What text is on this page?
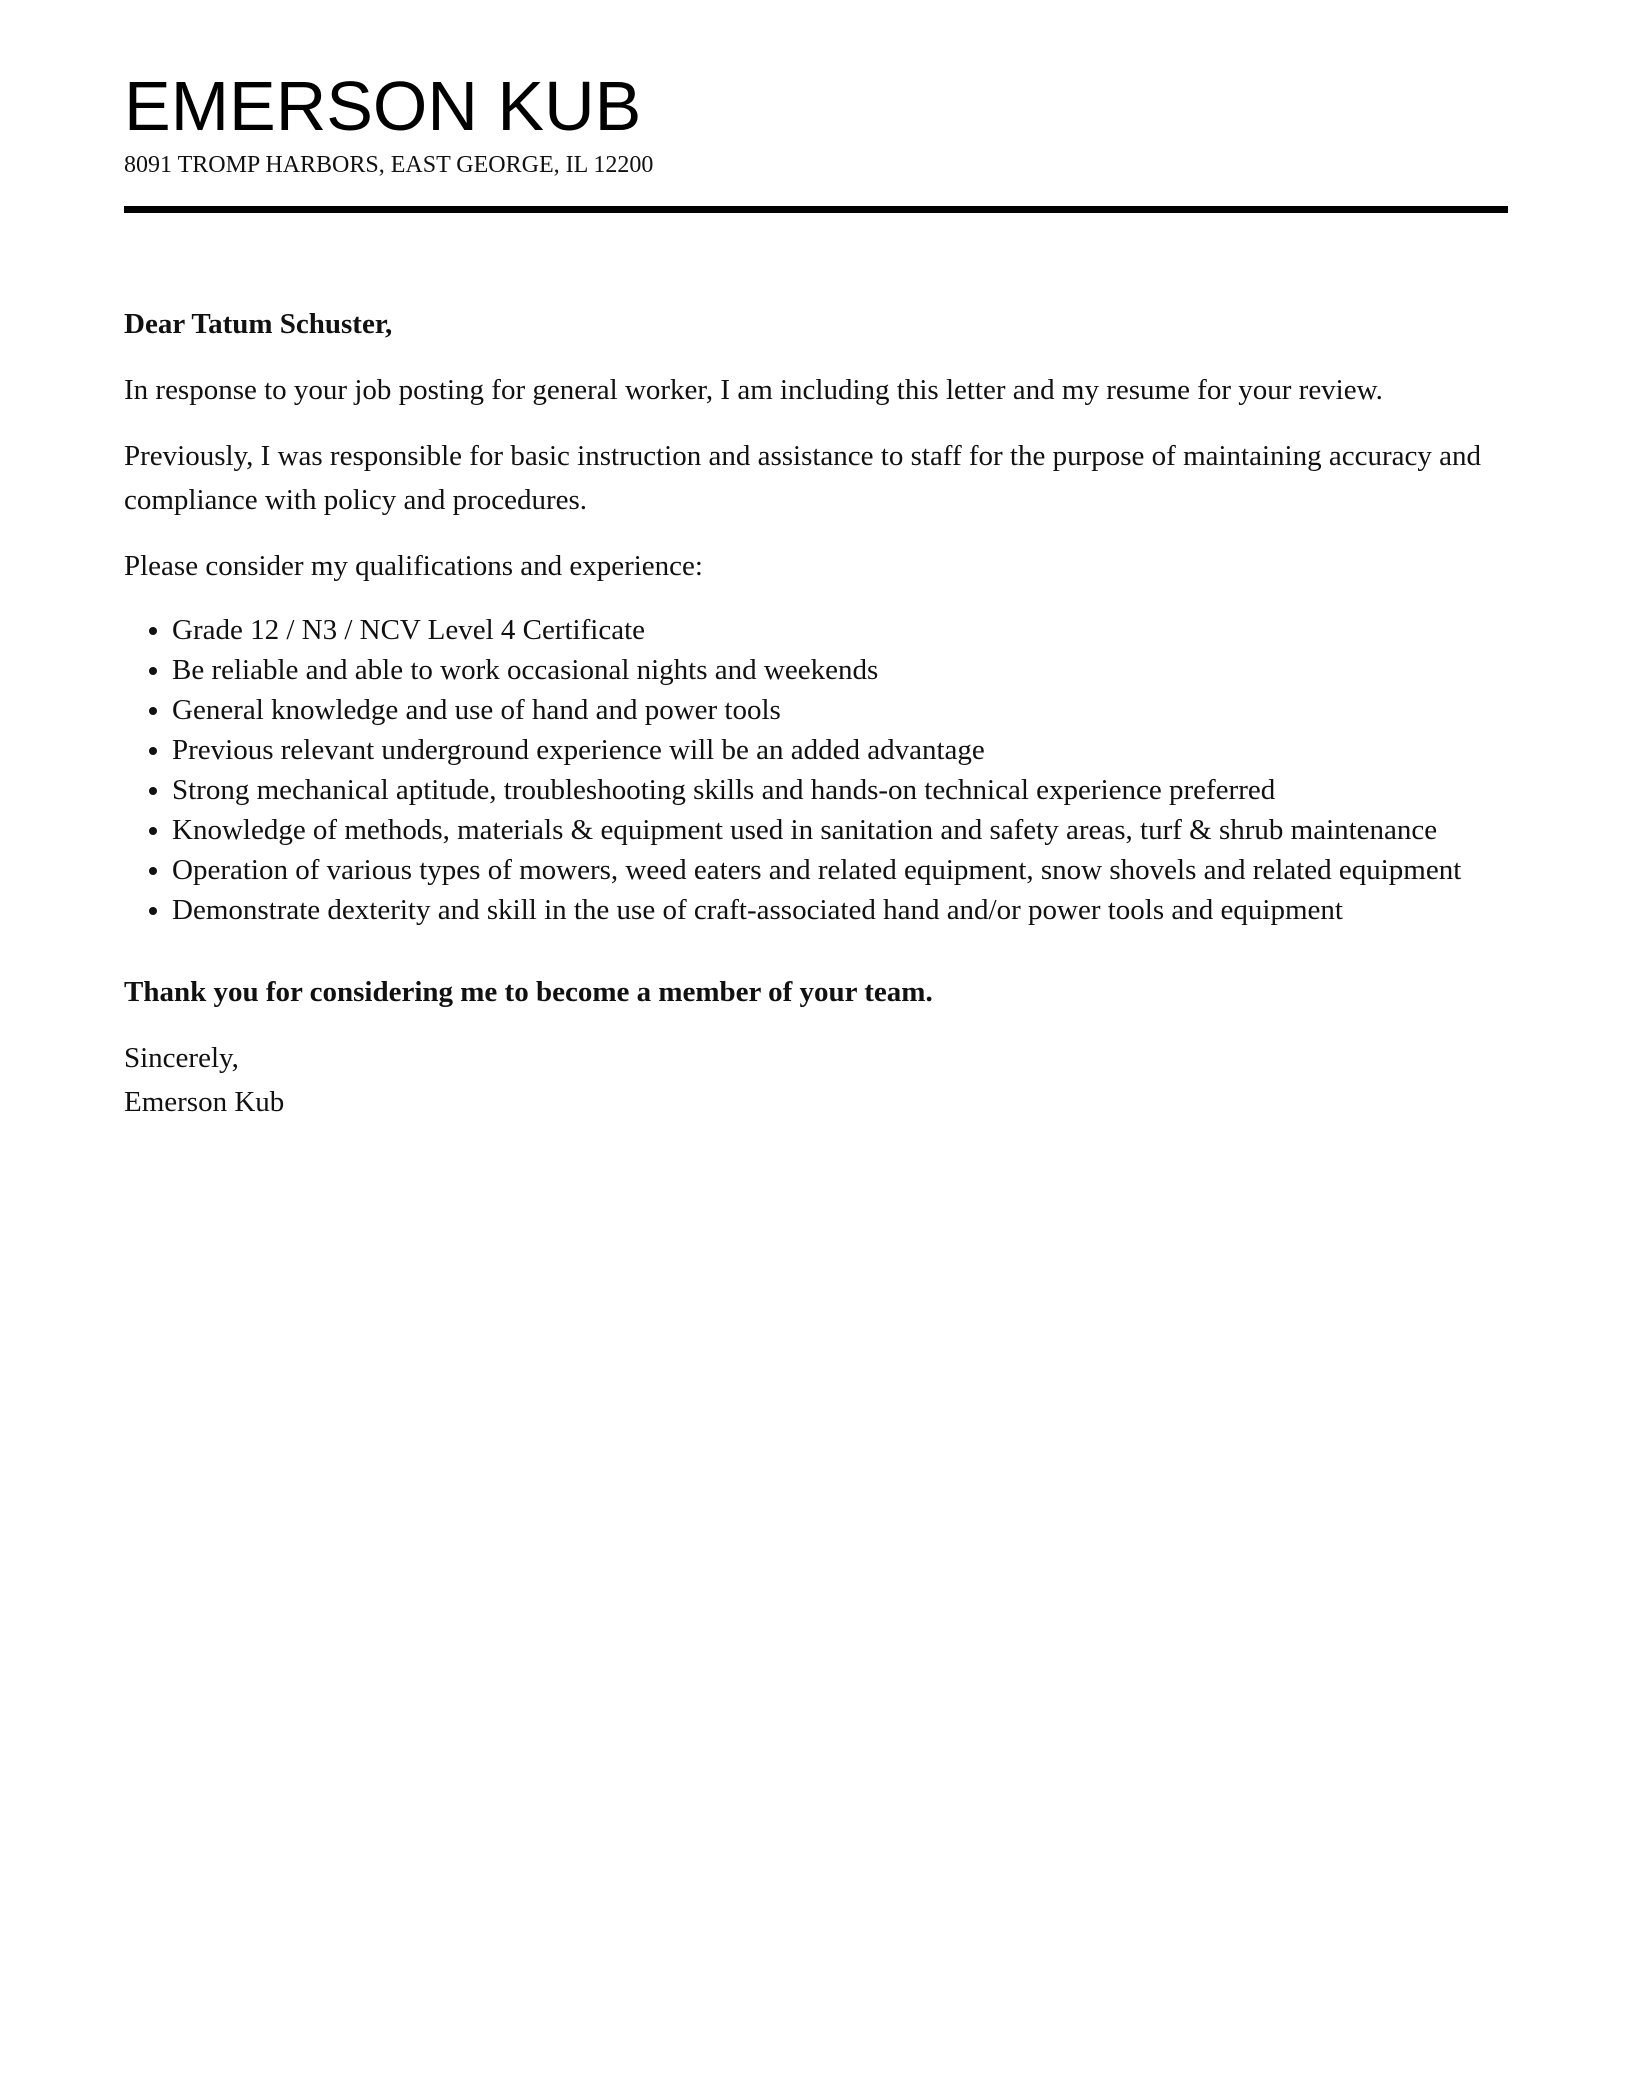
EMERSON KUB
8091 TROMP HARBORS, EAST GEORGE, IL 12200

Dear Tatum Schuster,

In response to your job posting for general worker, I am including this letter and my resume for your review.

Previously, I was responsible for basic instruction and assistance to staff for the purpose of maintaining accuracy and compliance with policy and procedures.

Please consider my qualifications and experience:

• Grade 12 / N3 / NCV Level 4 Certificate
• Be reliable and able to work occasional nights and weekends
• General knowledge and use of hand and power tools
• Previous relevant underground experience will be an added advantage
• Strong mechanical aptitude, troubleshooting skills and hands-on technical experience preferred
• Knowledge of methods, materials & equipment used in sanitation and safety areas, turf & shrub maintenance
• Operation of various types of mowers, weed eaters and related equipment, snow shovels and related equipment
• Demonstrate dexterity and skill in the use of craft-associated hand and/or power tools and equipment

Thank you for considering me to become a member of your team.

Sincerely,

Emerson Kub
